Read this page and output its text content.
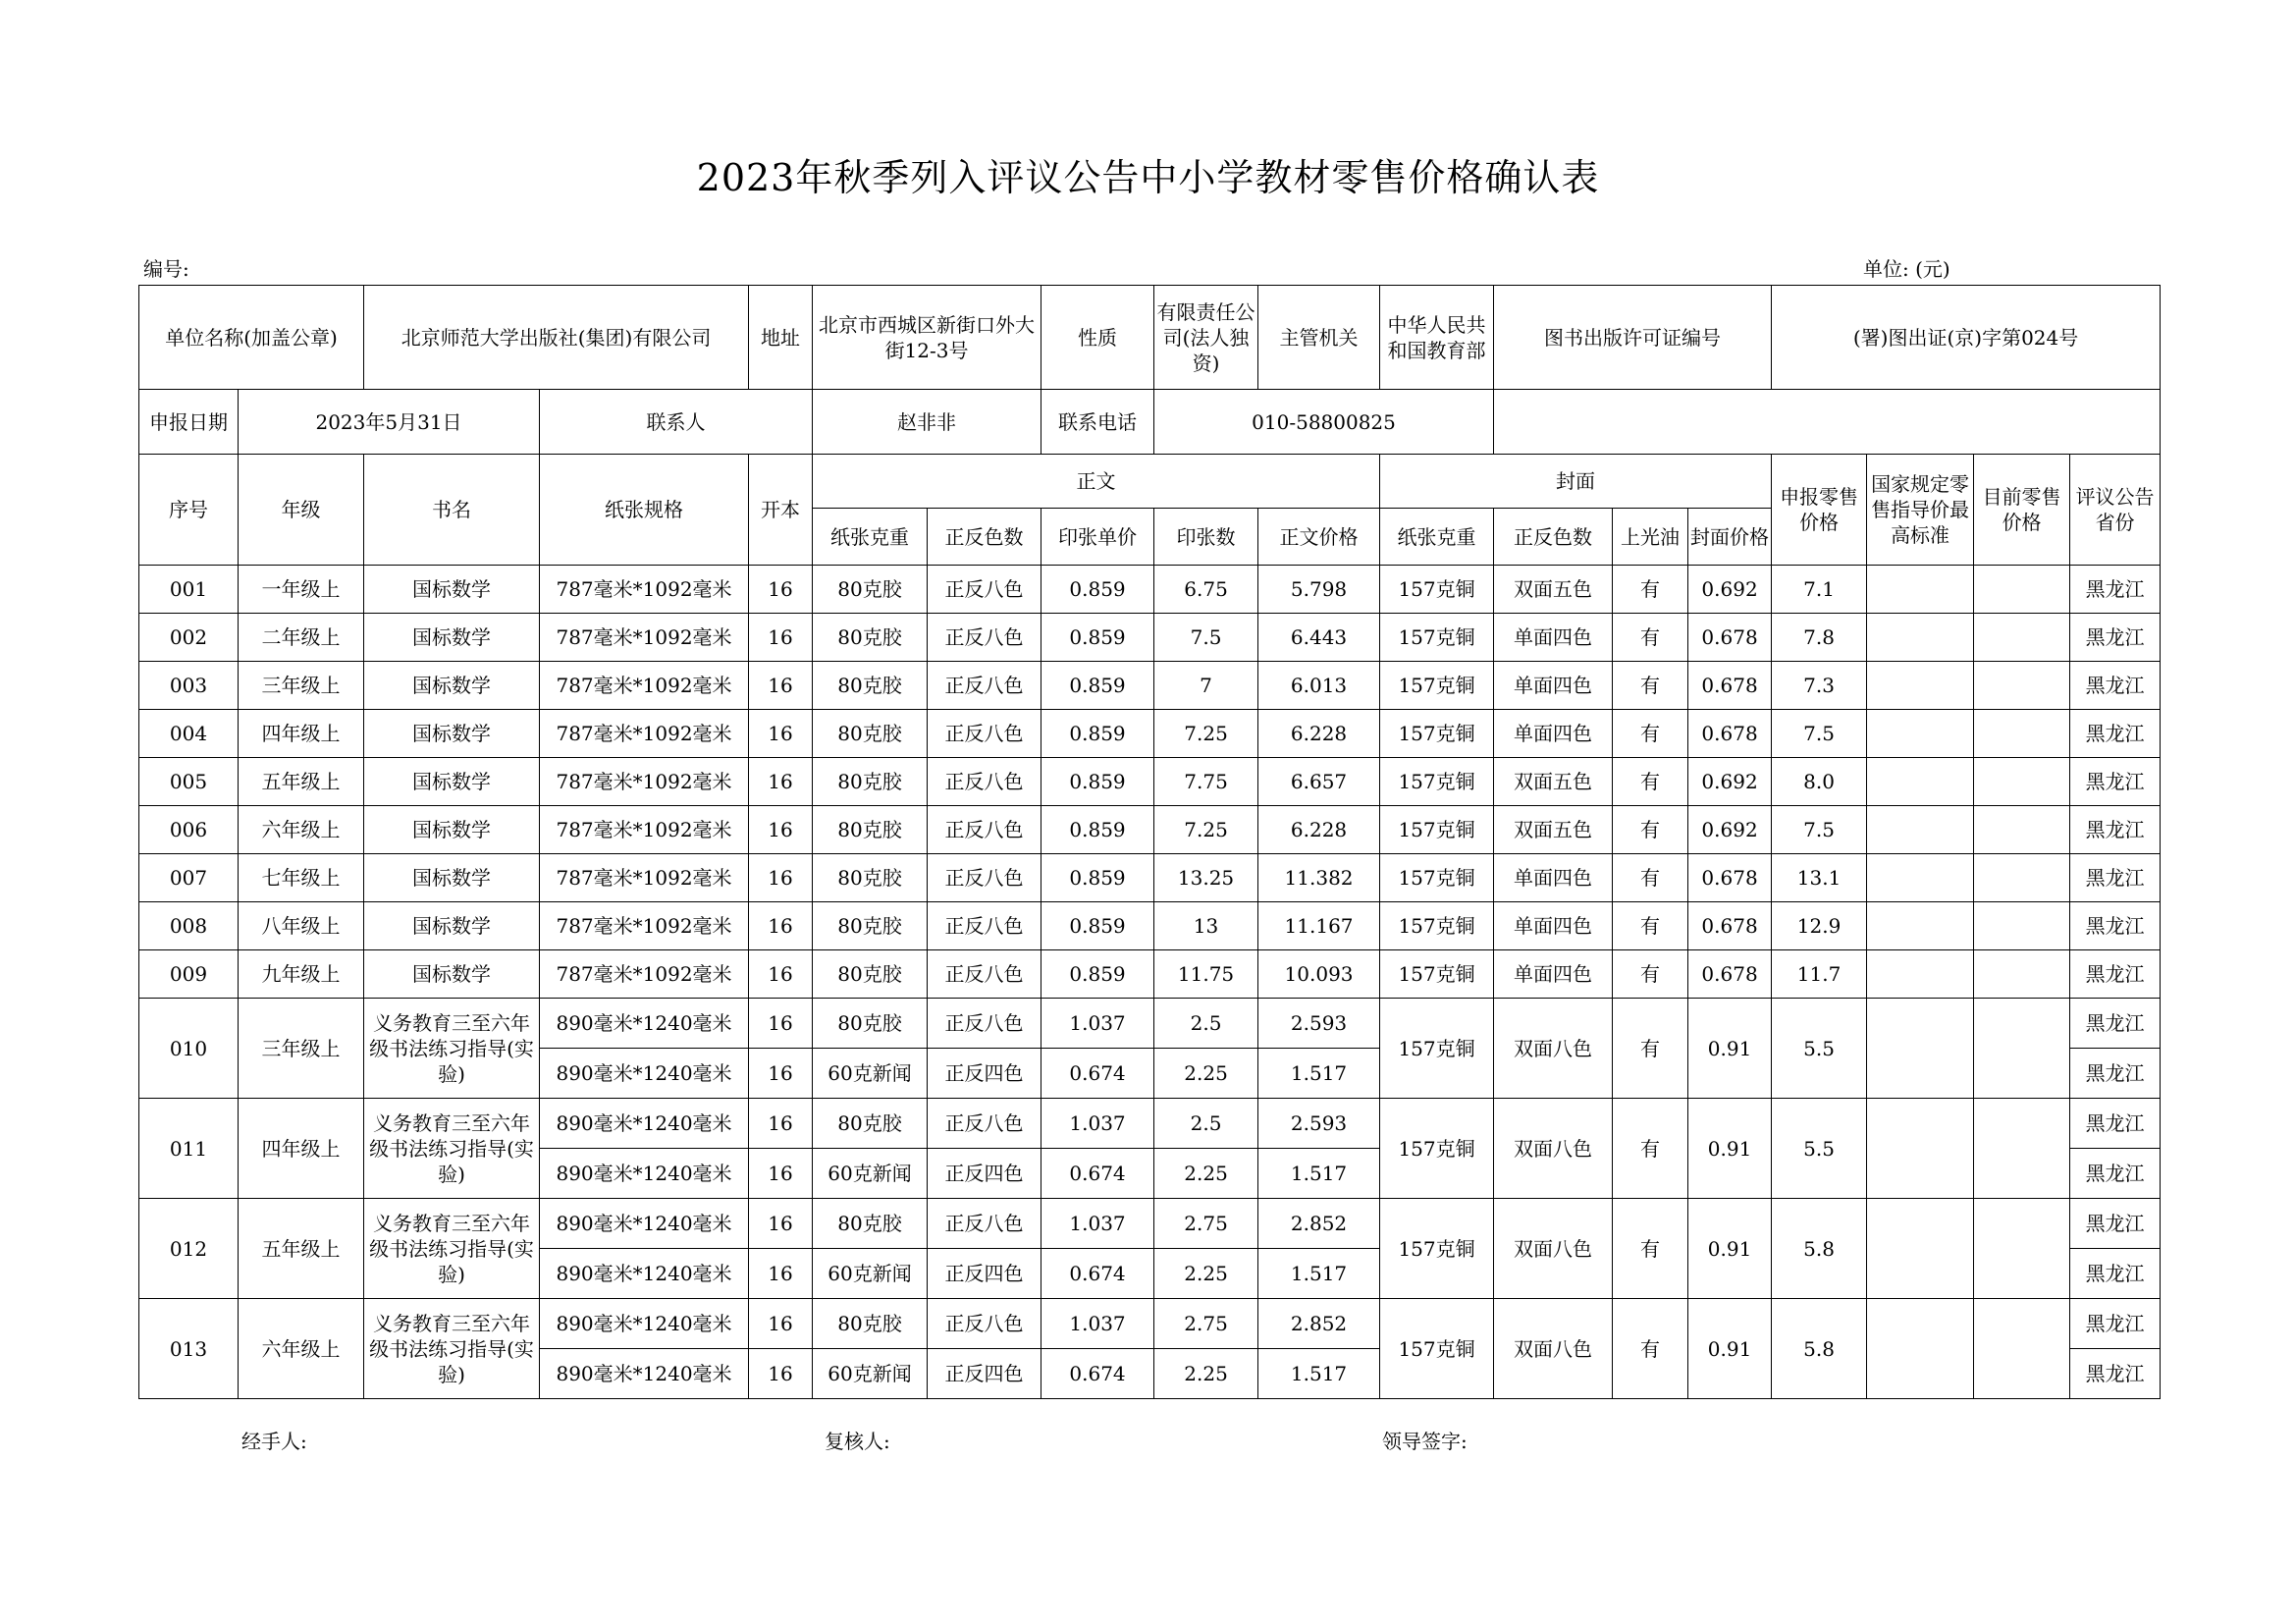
2023年秋季列入评议公告中小学教材零售价格确认表
编号:	单位: (元)
单位名称(加盖公章)		北京师范大学出版社(集团)有限公司		地址	北京市西城区新街口外大街12-3号		性质	有限责任公司(法人独资)	主管机关	中华人民共和国教育部	图书出版许可证编号			(署)图出证(京)字第024号			
申报日期	2023年5月31日		联系人		赵非非		联系电话	010-58800825									
序号	年级	书名	纸张规格	开本	正文					封面				申报零售价格	国家规定零售指导价最高标准	目前零售价格	评议公告省份
					纸张克重	正反色数	印张单价	印张数	正文价格	纸张克重	正反色数	上光油	封面价格				
001	一年级上	国标数学	787毫米*1092毫米	16	80克胶	正反八色	0.859	6.75	5.798	157克铜	双面五色	有	0.692	7.1			黑龙江
002	二年级上	国标数学	787毫米*1092毫米	16	80克胶	正反八色	0.859	7.5	6.443	157克铜	单面四色	有	0.678	7.8			黑龙江
003	三年级上	国标数学	787毫米*1092毫米	16	80克胶	正反八色	0.859	7	6.013	157克铜	单面四色	有	0.678	7.3			黑龙江
004	四年级上	国标数学	787毫米*1092毫米	16	80克胶	正反八色	0.859	7.25	6.228	157克铜	单面四色	有	0.678	7.5			黑龙江
005	五年级上	国标数学	787毫米*1092毫米	16	80克胶	正反八色	0.859	7.75	6.657	157克铜	双面五色	有	0.692	8.0			黑龙江
006	六年级上	国标数学	787毫米*1092毫米	16	80克胶	正反八色	0.859	7.25	6.228	157克铜	双面五色	有	0.692	7.5			黑龙江
007	七年级上	国标数学	787毫米*1092毫米	16	80克胶	正反八色	0.859	13.25	11.382	157克铜	单面四色	有	0.678	13.1			黑龙江
008	八年级上	国标数学	787毫米*1092毫米	16	80克胶	正反八色	0.859	13	11.167	157克铜	单面四色	有	0.678	12.9			黑龙江
009	九年级上	国标数学	787毫米*1092毫米	16	80克胶	正反八色	0.859	11.75	10.093	157克铜	单面四色	有	0.678	11.7			黑龙江
010	三年级上	义务教育三至六年级书法练习指导(实验)	890毫米*1240毫米	16	80克胶	正反八色	1.037	2.5	2.593	157克铜	双面八色	有	0.91	5.5			黑龙江
			890毫米*1240毫米	16	60克新闻	正反四色	0.674	2.25	1.517								黑龙江
011	四年级上	义务教育三至六年级书法练习指导(实验)	890毫米*1240毫米	16	80克胶	正反八色	1.037	2.5	2.593	157克铜	双面八色	有	0.91	5.5			黑龙江
			890毫米*1240毫米	16	60克新闻	正反四色	0.674	2.25	1.517								黑龙江
012	五年级上	义务教育三至六年级书法练习指导(实验)	890毫米*1240毫米	16	80克胶	正反八色	1.037	2.75	2.852	157克铜	双面八色	有	0.91	5.8			黑龙江
			890毫米*1240毫米	16	60克新闻	正反四色	0.674	2.25	1.517								黑龙江
013	六年级上	义务教育三至六年级书法练习指导(实验)	890毫米*1240毫米	16	80克胶	正反八色	1.037	2.75	2.852	157克铜	双面八色	有	0.91	5.8			黑龙江
			890毫米*1240毫米	16	60克新闻	正反四色	0.674	2.25	1.517								黑龙江
经手人:	复核人:	领导签字:
